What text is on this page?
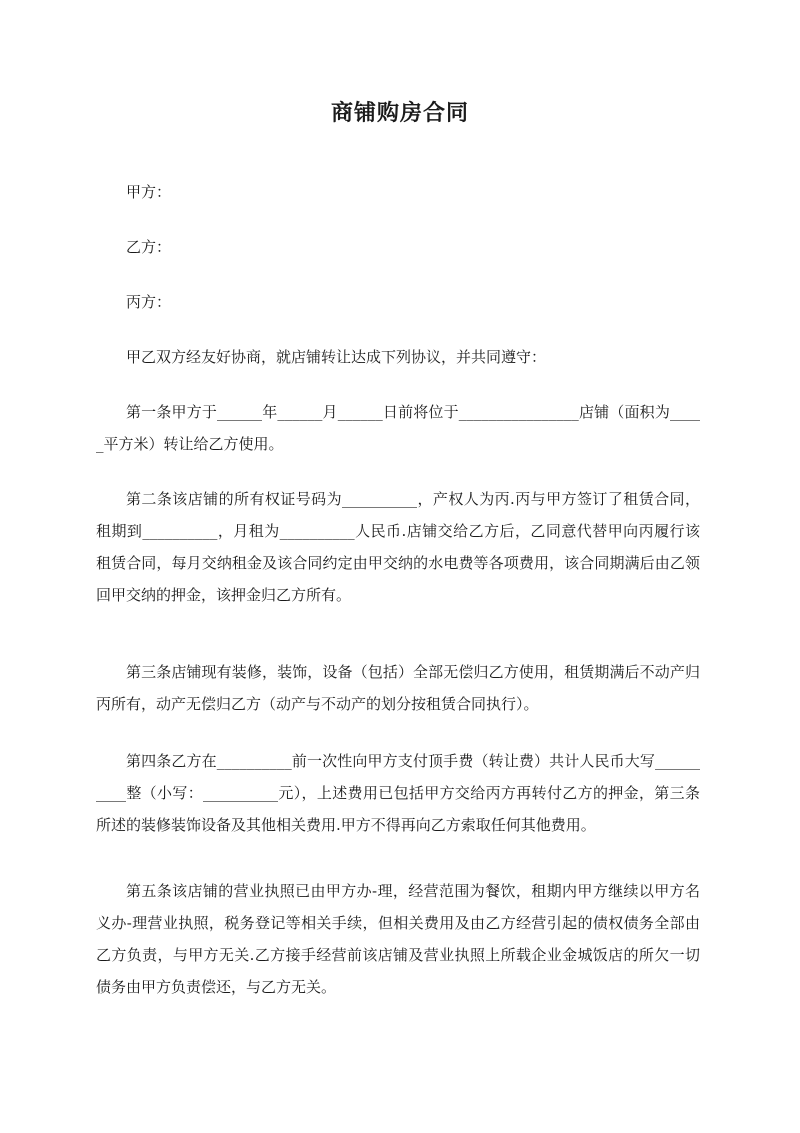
商铺购房合同

甲方：

乙方：

丙方：

甲乙双方经友好协商，就店铺转让达成下列协议，并共同遵守：

第一条甲方于______年______月______日前将位于________________店铺（面积为_____平方米）转让给乙方使用。

第二条该店铺的所有权证号码为__________，产权人为丙.丙与甲方签订了租赁合同，租期到__________，月租为__________人民币.店铺交给乙方后，乙同意代替甲向丙履行该租赁合同，每月交纳租金及该合同约定由甲交纳的水电费等各项费用，该合同期满后由乙领回甲交纳的押金，该押金归乙方所有。

第三条店铺现有装修，装饰，设备（包括）全部无偿归乙方使用，租赁期满后不动产归丙所有，动产无偿归乙方（动产与不动产的划分按租赁合同执行）。

第四条乙方在__________前一次性向甲方支付顶手费（转让费）共计人民币大写__________整（小写：__________元），上述费用已包括甲方交给丙方再转付乙方的押金，第三条所述的装修装饰设备及其他相关费用.甲方不得再向乙方索取任何其他费用。

第五条该店铺的营业执照已由甲方办-理，经营范围为餐饮，租期内甲方继续以甲方名义办-理营业执照，税务登记等相关手续，但相关费用及由乙方经营引起的债权债务全部由乙方负责，与甲方无关.乙方接手经营前该店铺及营业执照上所载企业金城饭店的所欠一切债务由甲方负责偿还，与乙方无关。
